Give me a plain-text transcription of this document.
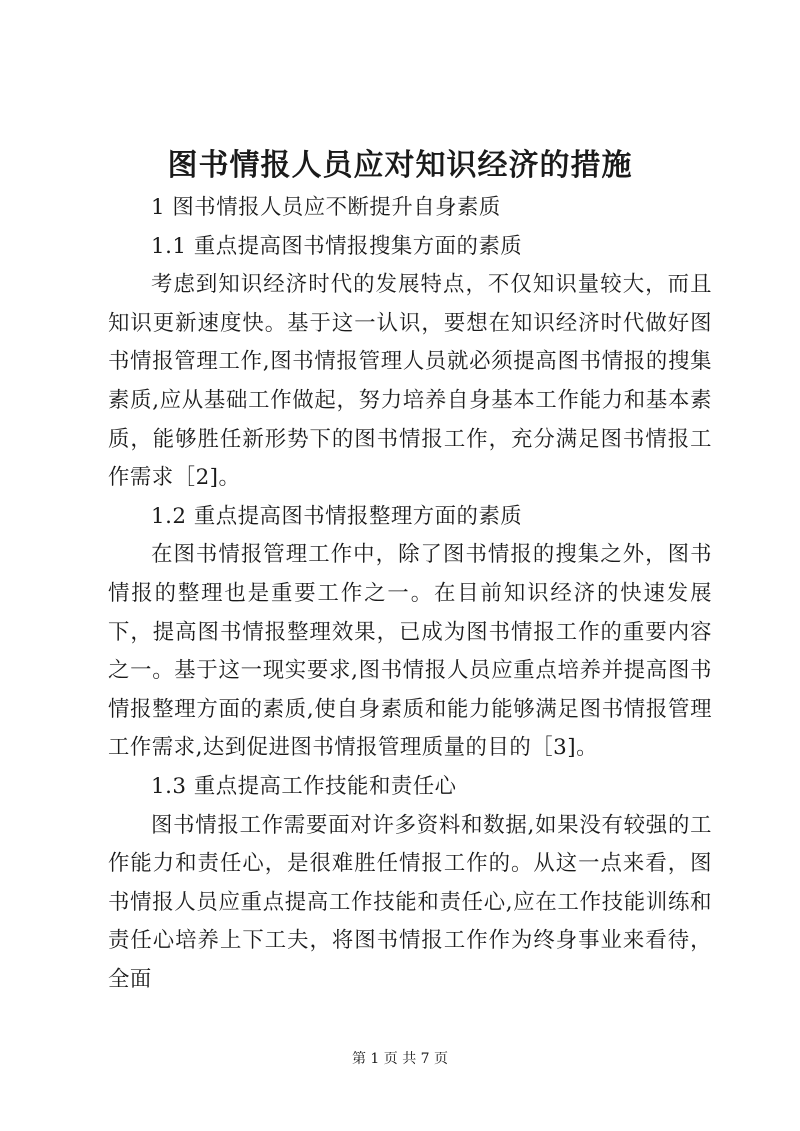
图书情报人员应对知识经济的措施

1 图书情报人员应不断提升自身素质

1.1 重点提高图书情报搜集方面的素质

考虑到知识经济时代的发展特点，不仅知识量较大，而且知识更新速度快。基于这一认识，要想在知识经济时代做好图书情报管理工作,图书情报管理人员就必须提高图书情报的搜集素质,应从基础工作做起，努力培养自身基本工作能力和基本素质，能够胜任新形势下的图书情报工作，充分满足图书情报工作需求［2]。

1.2 重点提高图书情报整理方面的素质

在图书情报管理工作中，除了图书情报的搜集之外，图书情报的整理也是重要工作之一。在目前知识经济的快速发展下，提高图书情报整理效果，已成为图书情报工作的重要内容之一。基于这一现实要求,图书情报人员应重点培养并提高图书情报整理方面的素质,使自身素质和能力能够满足图书情报管理工作需求,达到促进图书情报管理质量的目的［3]。

1.3 重点提高工作技能和责任心

图书情报工作需要面对许多资料和数据,如果没有较强的工作能力和责任心，是很难胜任情报工作的。从这一点来看，图书情报人员应重点提高工作技能和责任心,应在工作技能训练和责任心培养上下工夫，将图书情报工作作为终身事业来看待，全面

第 1 页 共 7 页
